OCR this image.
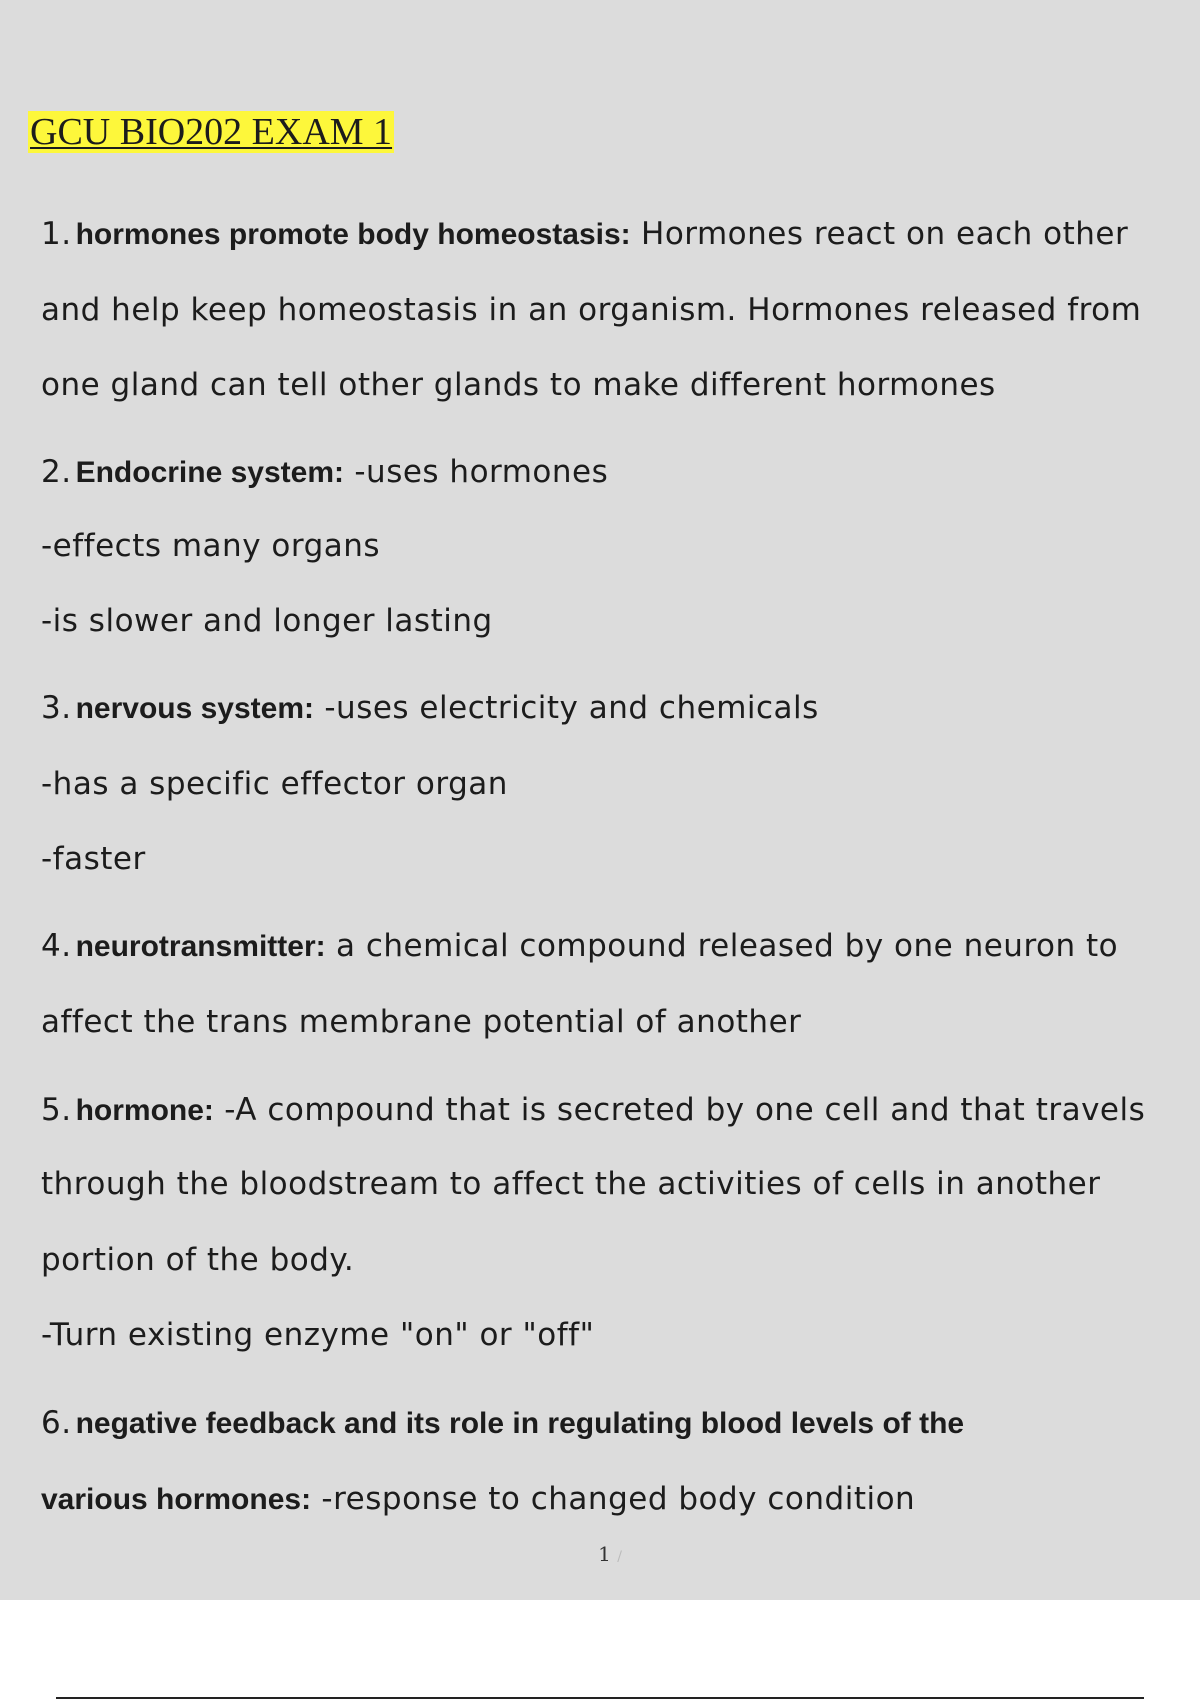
GCU BIO202 EXAM 1
1. hormones promote body homeostasis: Hormones react on each other
and help keep homeostasis in an organism. Hormones released from
one gland can tell other glands to make different hormones
2. Endocrine system: -uses hormones
-effects many organs
-is slower and longer lasting
3. nervous system: -uses electricity and chemicals
-has a specific effector organ
-faster
4. neurotransmitter: a chemical compound released by one neuron to
affect the trans membrane potential of another
5. hormone: -A compound that is secreted by one cell and that travels
through the bloodstream to affect the activities of cells in another
portion of the body.
-Turn existing enzyme "on" or "off"
6. negative feedback and its role in regulating blood levels of the
various hormones: -response to changed body condition
1 /
